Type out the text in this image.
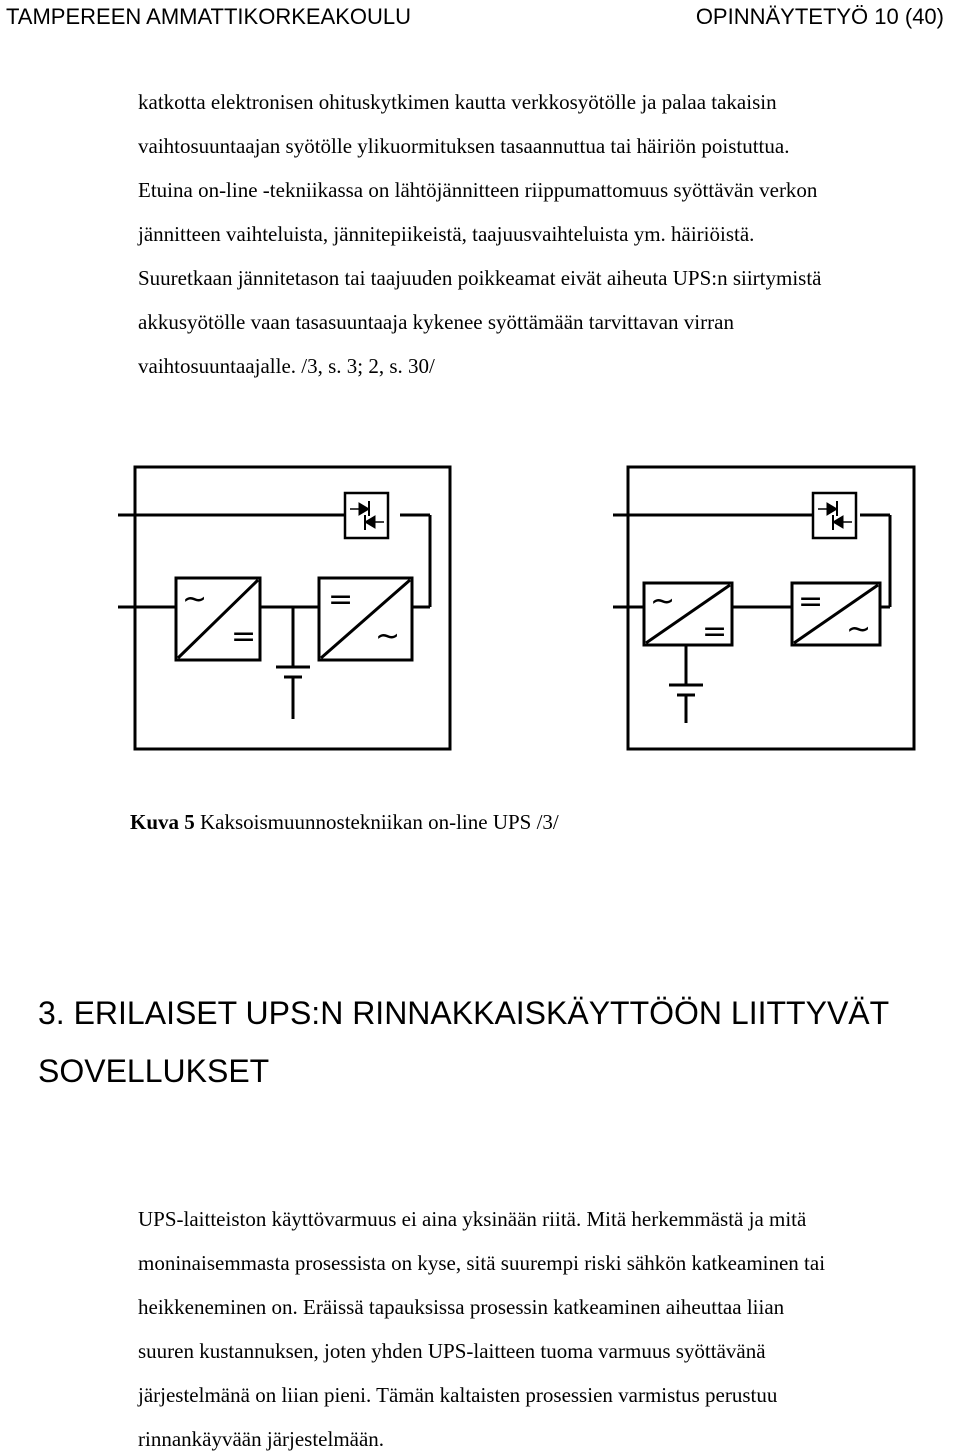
TAMPEREEN AMMATTIKORKEAKOULU	OPINNÄYTETYÖ 10 (40)
katkotta elektronisen ohituskytkimen kautta verkkosyötölle ja palaa takaisin
vaihtosuuntaajan syötölle ylikuormituksen tasaannuttua tai häiriön poistuttua.
Etuina on-line -tekniikassa on lähtöjännitteen riippumattomuus syöttävän verkon
jännitteen vaihteluista, jännitepiikeistä, taajuusvaihteluista ym. häiriöistä.
Suuretkaan jännitetason tai taajuuden poikkeamat eivät aiheuta UPS:n siirtymistä
akkusyötölle vaan tasasuuntaaja kykenee syöttämään tarvittavan virran
vaihtosuuntaajalle. /3, s. 3; 2, s. 30/
~
=
=
~
~
=
=
~
Kuva 5 Kaksoismuunnostekniikan on-line UPS /3/
3. ERILAISET UPS:N RINNAKKAISKÄYTTÖÖN LIITTYVÄT
SOVELLUKSET
UPS-laitteiston käyttövarmuus ei aina yksinään riitä. Mitä herkemmästä ja mitä
moninaisemmasta prosessista on kyse, sitä suurempi riski sähkön katkeaminen tai
heikkeneminen on. Eräissä tapauksissa prosessin katkeaminen aiheuttaa liian
suuren kustannuksen, joten yhden UPS-laitteen tuoma varmuus syöttävänä
järjestelmänä on liian pieni. Tämän kaltaisten prosessien varmistus perustuu
rinnankäyvään järjestelmään.
